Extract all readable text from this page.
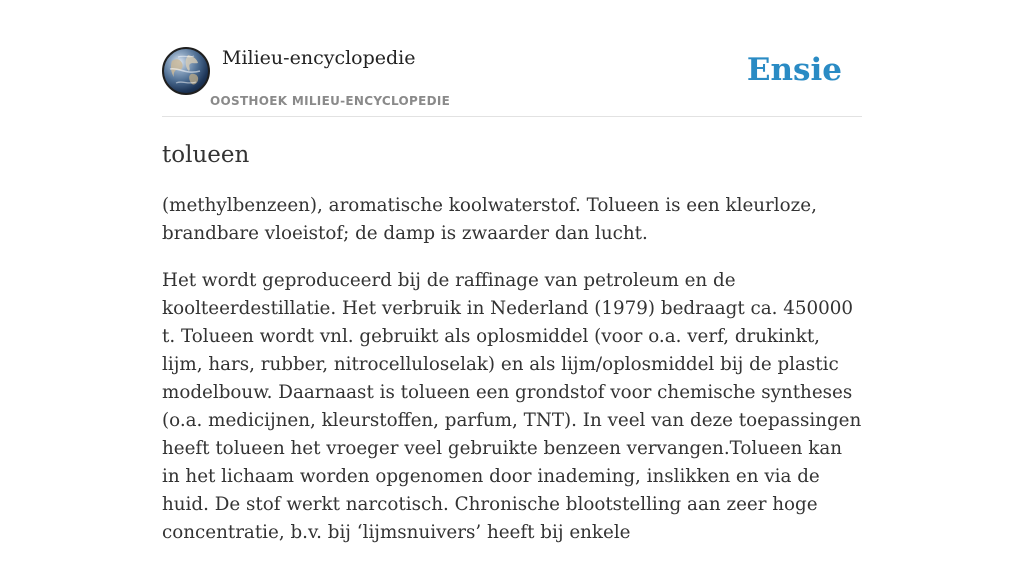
Milieu-encyclopedie
OOSTHOEK MILIEU-ENCYCLOPEDIE
Ensie
tolueen

(methylbenzeen), aromatische koolwaterstof. Tolueen is een kleurloze, brandbare vloeistof; de damp is zwaarder dan lucht.

Het wordt geproduceerd bij de raffinage van petroleum en de koolteerdestillatie. Het verbruik in Nederland (1979) bedraagt ca. 450000 t. Tolueen wordt vnl. gebruikt als oplosmiddel (voor o.a. verf, drukinkt, lijm, hars, rubber, nitrocelluloselak) en als lijm/oplosmiddel bij de plastic modelbouw. Daarnaast is tolueen een grondstof voor chemische syntheses (o.a. medicijnen, kleurstoffen, parfum, TNT). In veel van deze toepassingen heeft tolueen het vroeger veel gebruikte benzeen vervangen.Tolueen kan in het lichaam worden opgenomen door inademing, inslikken en via de huid. De stof werkt narcotisch. Chronische blootstelling aan zeer hoge concentratie, b.v. bij ‘lijmsnuivers’ heeft bij enkele
